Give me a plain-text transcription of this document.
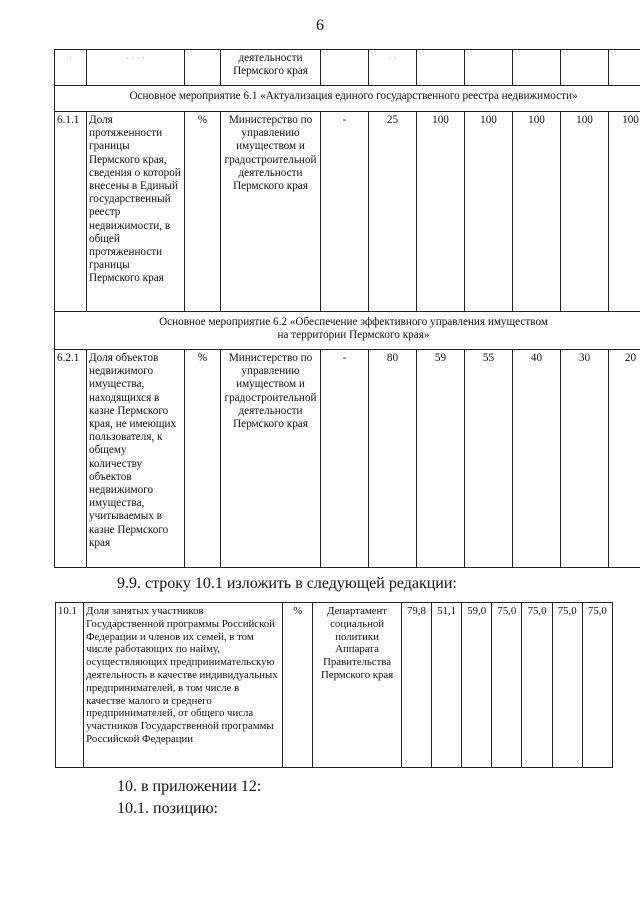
6
·	· · · ·		деятельности Пермского края		· ·					
Основное мероприятие 6.1 «Актуализация единого государственного реестра недвижимости»										
6.1.1	Доля протяженности границы Пермского края, сведения о которой внесены в Единый государственный реестр недвижимости, в общей протяженности границы Пермского края	%	Министерство по управлению имуществом и градостроительной деятельности Пермского края	-	25	100	100	100	100	100

Основное мероприятие 6.2 «Обеспечение эффективного управления имуществом
на территории Пермского края»										

6.2.1	Доля объектов недвижимого имущества, находящихся в казне Пермского края, не имеющих пользователя, к общему количеству объектов недвижимого имущества, учитываемых в казне Пермского края	%	Министерство по управлению имуществом и градостроительной деятельности Пермского края	-	80	59	55	40	30	20
9.9. строку 10.1 изложить в следующей редакции:
10.1	Доля занятых участников Государственной программы Российской Федерации и членов их семей, в том числе работающих по найму, осуществляющих предпринимательскую деятельность в качестве индивидуальных предпринимателей, в том числе в качестве малого и среднего предпринимателей, от общего числа участников Государственной программы Российской Федерации	%	Департамент социальной политики Аппарата Правительства Пермского края	79,8	51,1	59,0	75,0	75,0	75,0	75,0
10. в приложении 12:
10.1. позицию:
